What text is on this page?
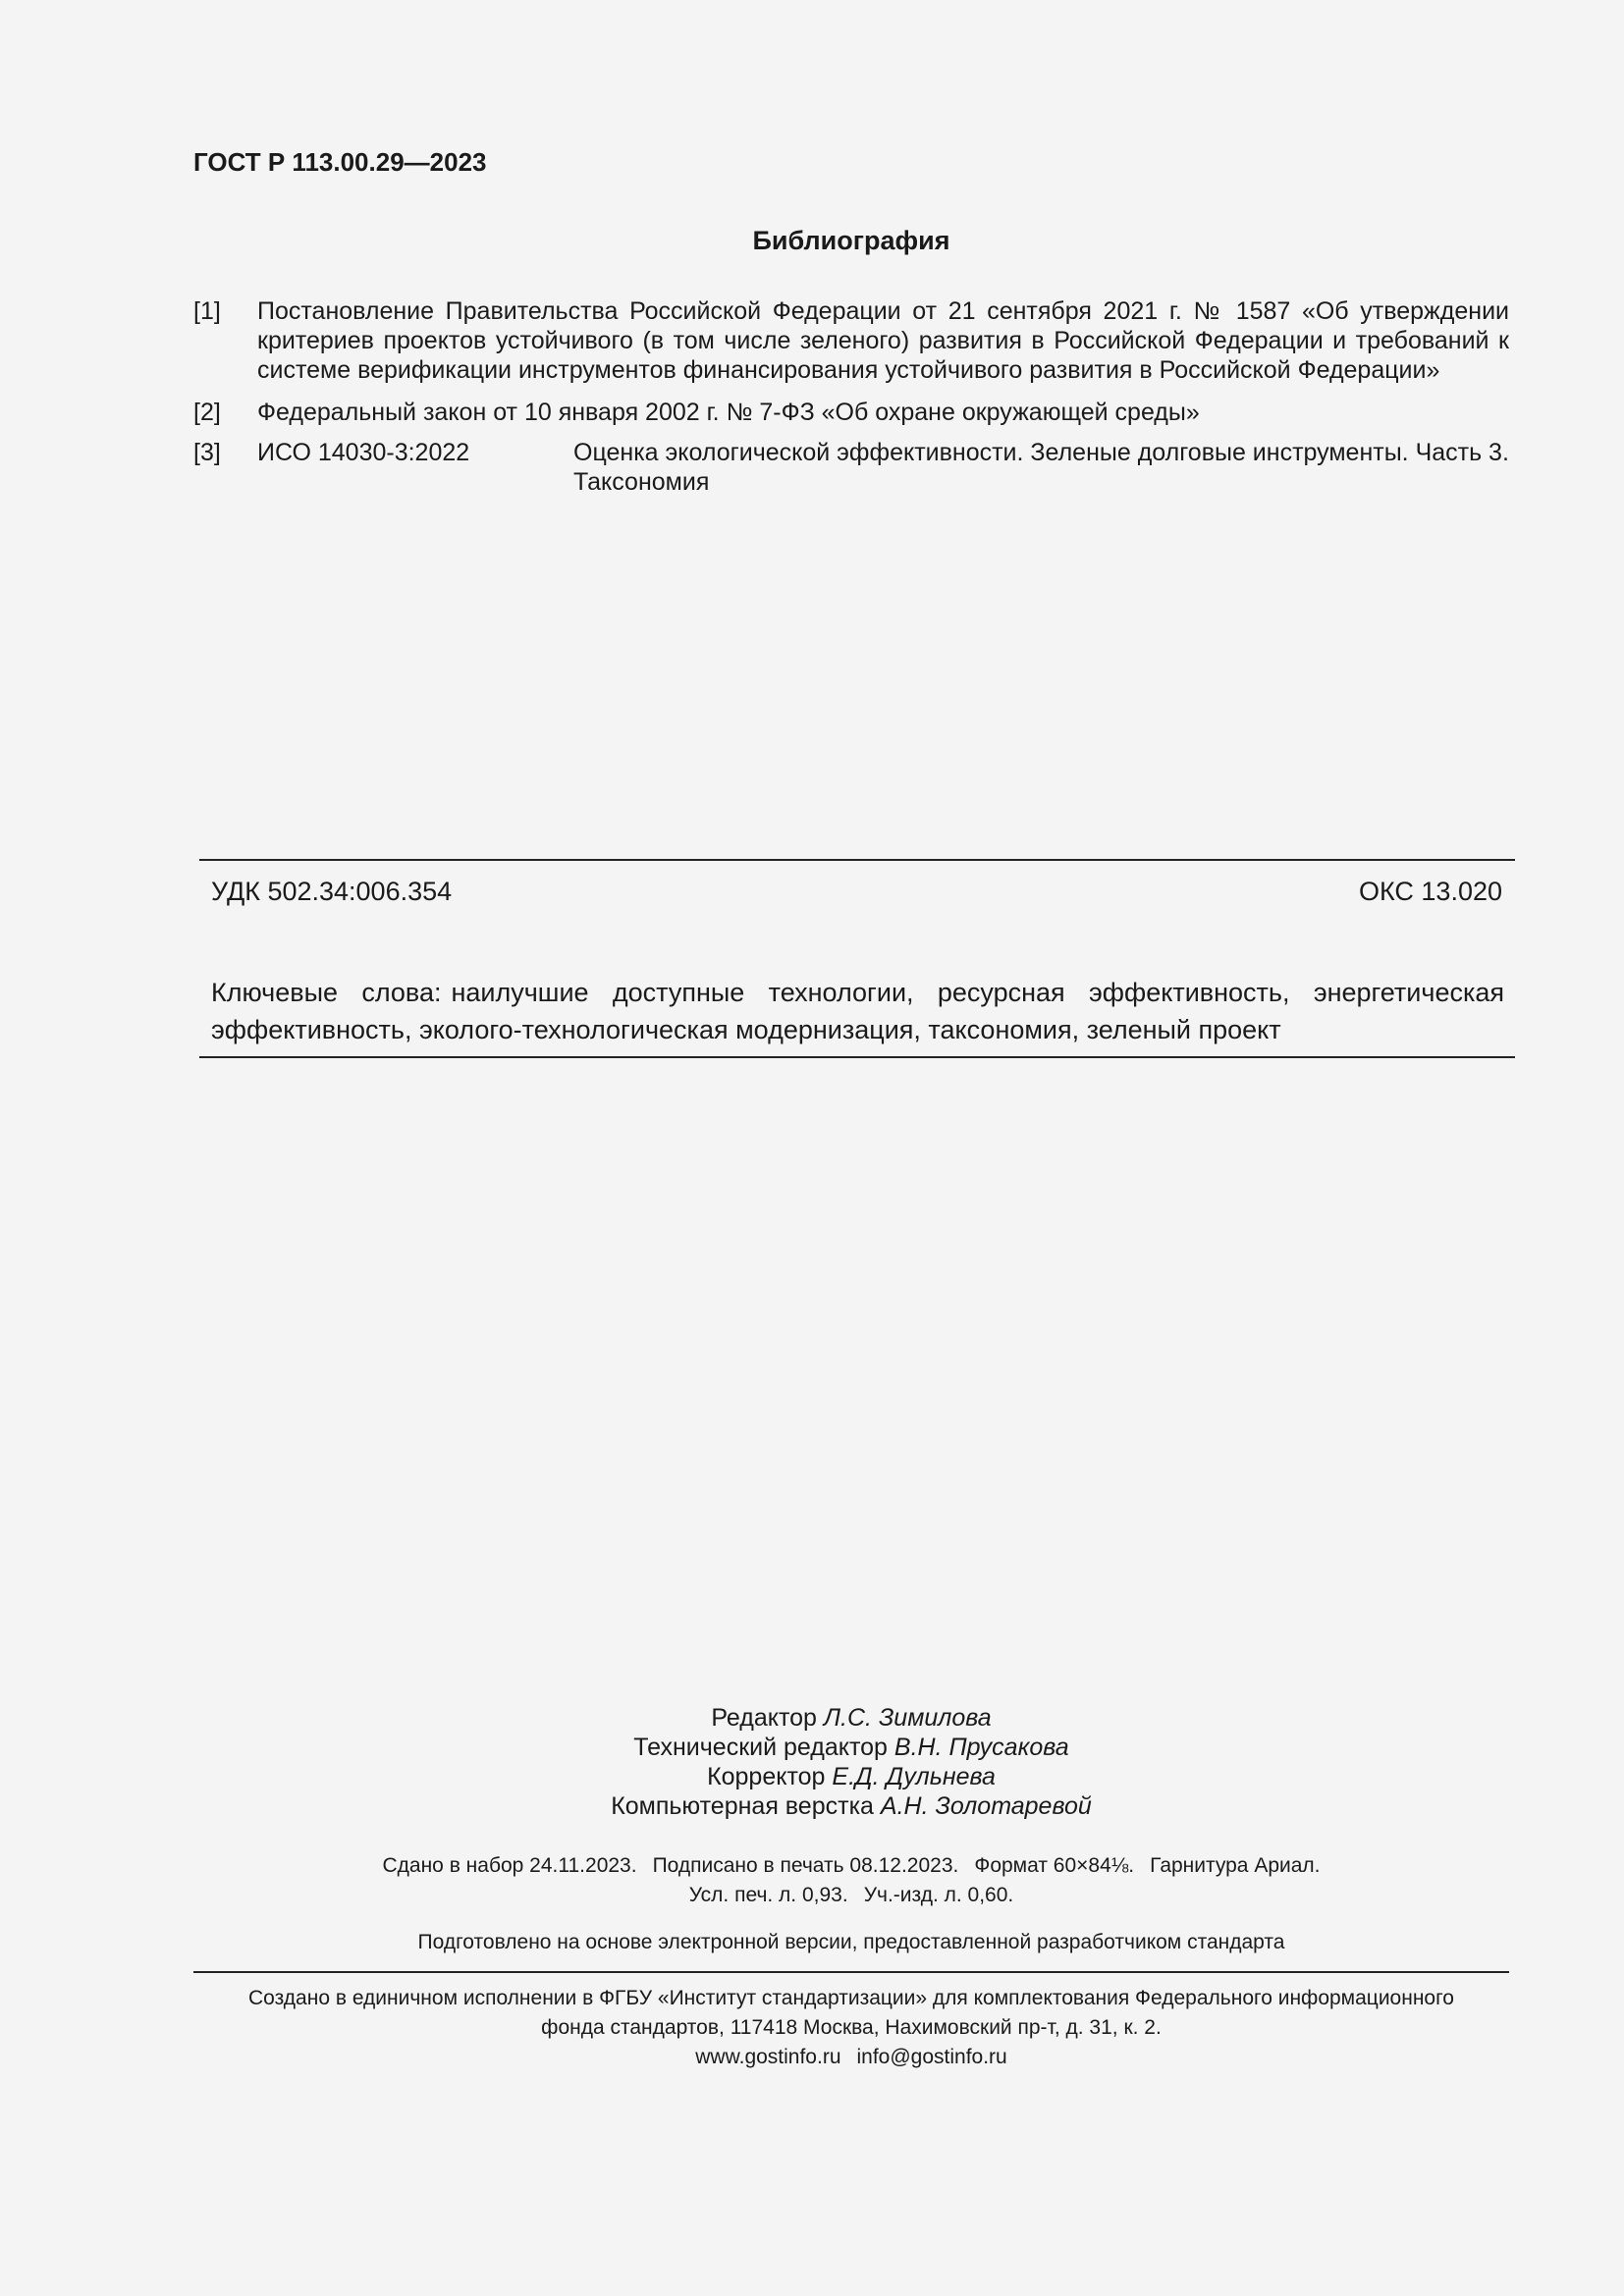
ГОСТ Р 113.00.29—2023
Библиография
[1] Постановление Правительства Российской Федерации от 21 сентября 2021 г. № 1587 «Об утверждении критериев проектов устойчивого (в том числе зеленого) развития в Российской Федерации и требований к системе верификации инструментов финансирования устойчивого развития в Российской Федерации»
[2] Федеральный закон от 10 января 2002 г. № 7-ФЗ «Об охране окружающей среды»
[3] ИСО 14030-3:2022	Оценка экологической эффективности. Зеленые долговые инструменты. Часть 3. Таксономия
УДК 502.34:006.354	ОКС 13.020
Ключевые слова: наилучшие доступные технологии, ресурсная эффективность, энергетическая эффективность, эколого-технологическая модернизация, таксономия, зеленый проект
Редактор Л.С. Зимилова
Технический редактор В.Н. Прусакова
Корректор Е.Д. Дульнева
Компьютерная верстка А.Н. Золотаревой
Сдано в набор 24.11.2023. Подписано в печать 08.12.2023. Формат 60×84⅛. Гарнитура Ариал.
Усл. печ. л. 0,93. Уч.-изд. л. 0,60.
Подготовлено на основе электронной версии, предоставленной разработчиком стандарта
Создано в единичном исполнении в ФГБУ «Институт стандартизации» для комплектования Федерального информационного
фонда стандартов, 117418 Москва, Нахимовский пр-т, д. 31, к. 2.
www.gostinfo.ru info@gostinfo.ru
